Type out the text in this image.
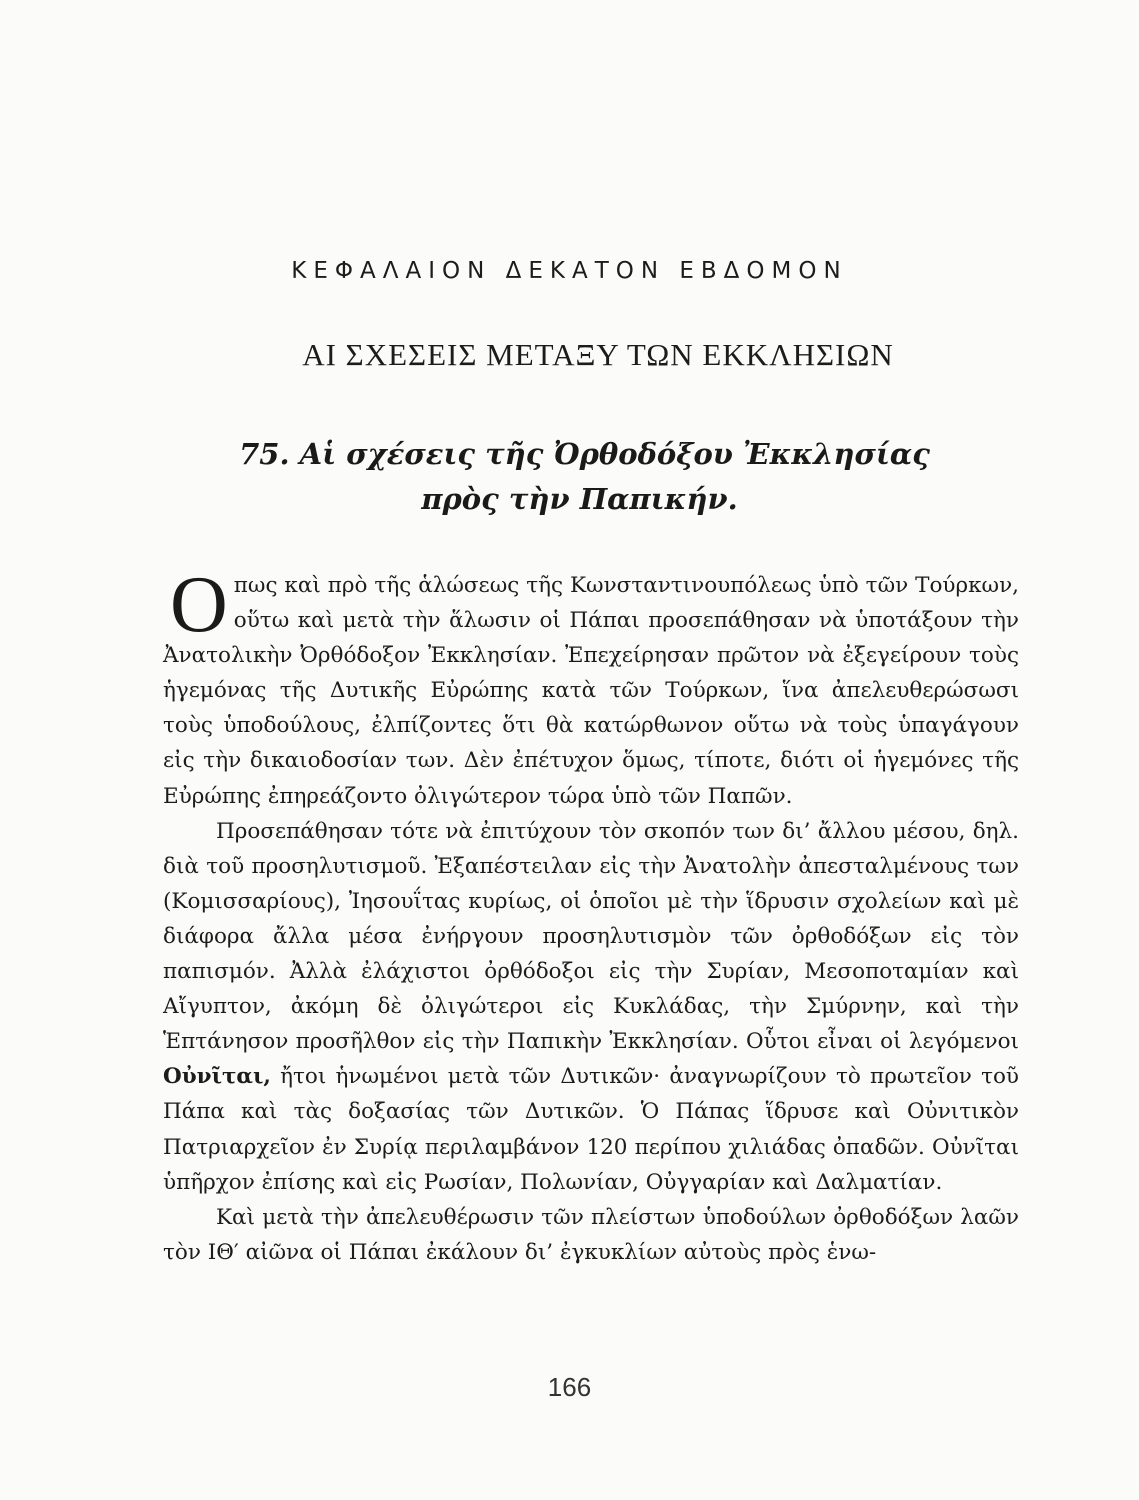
ΚΕΦΑΛΑΙΟΝ ΔΕΚΑΤΟΝ ΕΒΔΟΜΟΝ
ΑΙ ΣΧΕΣΕΙΣ ΜΕΤΑΞΥ ΤΩΝ ΕΚΚΛΗΣΙΩΝ
75. Αἱ σχέσεις τῆς Ὀρθοδόξου Ἐκκλησίας
πρὸς τὴν Παπικήν.

Οπως καὶ πρὸ τῆς ἁλώσεως τῆς Κωνσταντινουπόλεως ὑπὸ τῶν Τούρκων, οὕτω καὶ μετὰ τὴν ἅλωσιν οἱ Πάπαι προσεπάθησαν νὰ ὑποτάξουν τὴν Ἀνατολικὴν Ὀρθόδοξον Ἐκκλησίαν. Ἐπεχείρησαν πρῶτον νὰ ἐξεγείρουν τοὺς ἡγεμόνας τῆς Δυτικῆς Εὐρώπης κατὰ τῶν Τούρκων, ἵνα ἀπελευθερώσωσι τοὺς ὑποδούλους, ἐλπίζοντες ὅτι θὰ κατώρθωνον οὕτω νὰ τοὺς ὑπαγάγουν εἰς τὴν δικαιοδοσίαν των. Δὲν ἐπέτυχον ὅμως, τίποτε, διότι οἱ ἡγεμόνες τῆς Εὐρώπης ἐπηρεάζοντο ὀλιγώτερον τώρα ὑπὸ τῶν Παπῶν.

Προσεπάθησαν τότε νὰ ἐπιτύχουν τὸν σκοπόν των δι’ ἄλλου μέσου, δηλ. διὰ τοῦ προσηλυτισμοῦ. Ἐξαπέστειλαν εἰς τὴν Ἀνατολὴν ἀπεσταλμένους των (Κομισσαρίους), Ἰησουΐτας κυρίως, οἱ ὁποῖοι μὲ τὴν ἵδρυσιν σχολείων καὶ μὲ διάφορα ἄλλα μέσα ἐνήργουν προσηλυτισμὸν τῶν ὀρθοδόξων εἰς τὸν παπισμόν. Ἀλλὰ ἐλάχιστοι ὀρθόδοξοι εἰς τὴν Συρίαν, Μεσοποταμίαν καὶ Αἴγυπτον, ἀκόμη δὲ ὀλιγώτεροι εἰς Κυκλάδας, τὴν Σμύρνην, καὶ τὴν Ἑπτάνησον προσῆλθον εἰς τὴν Παπικὴν Ἐκκλησίαν. Οὗτοι εἶναι οἱ λεγόμενοι Οὐνῖται, ἤτοι ἡνωμένοι μετὰ τῶν Δυτικῶν· ἀναγνωρίζουν τὸ πρωτεῖον τοῦ Πάπα καὶ τὰς δοξασίας τῶν Δυτικῶν. Ὁ Πάπας ἵδρυσε καὶ Οὐνιτικὸν Πατριαρχεῖον ἐν Συρίᾳ περιλαμβάνον 120 περίπου χιλιάδας ὀπαδῶν. Οὐνῖται ὑπῆρχον ἐπίσης καὶ εἰς Ρωσίαν, Πολωνίαν, Οὐγγαρίαν καὶ Δαλματίαν.

Καὶ μετὰ τὴν ἀπελευθέρωσιν τῶν πλείστων ὑποδούλων ὀρθοδόξων λαῶν τὸν ΙΘ′ αἰῶνα οἱ Πάπαι ἐκάλουν δι’ ἐγκυκλίων αὐτοὺς πρὸς ἑνω-

166
